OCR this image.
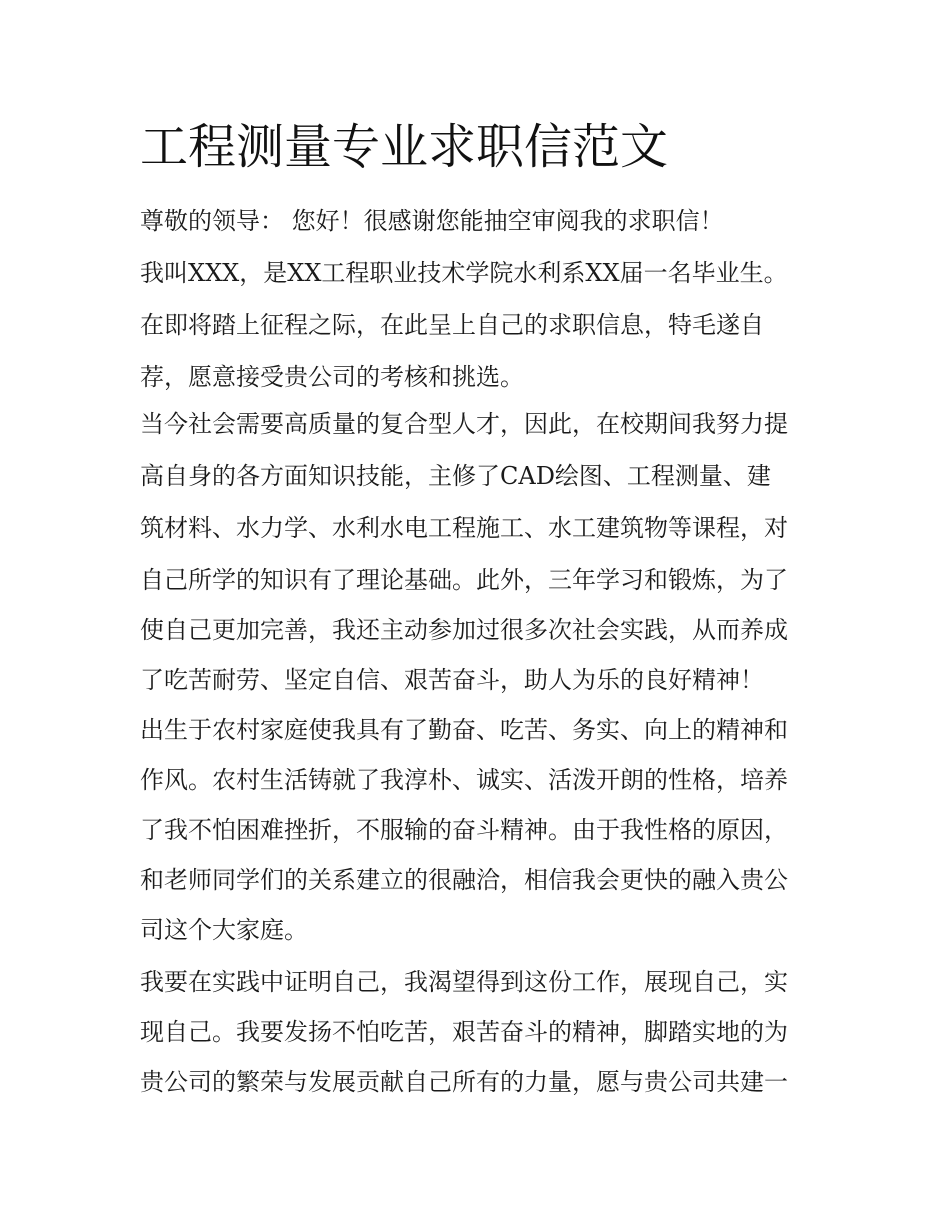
工程测量专业求职信范文
尊敬的领导： 您好！很感谢您能抽空审阅我的求职信！
我叫XXX，是XX工程职业技术学院水利系XX届一名毕业生。
在即将踏上征程之际，在此呈上自己的求职信息，特毛遂自
荐，愿意接受贵公司的考核和挑选。
当今社会需要高质量的复合型人才，因此，在校期间我努力提
高自身的各方面知识技能，主修了CAD绘图、工程测量、建
筑材料、水力学、水利水电工程施工、水工建筑物等课程，对
自己所学的知识有了理论基础。此外，三年学习和锻炼，为了
使自己更加完善，我还主动参加过很多次社会实践，从而养成
了吃苦耐劳、坚定自信、艰苦奋斗，助人为乐的良好精神！
出生于农村家庭使我具有了勤奋、吃苦、务实、向上的精神和
作风。农村生活铸就了我淳朴、诚实、活泼开朗的性格，培养
了我不怕困难挫折，不服输的奋斗精神。由于我性格的原因，
和老师同学们的关系建立的很融洽，相信我会更快的融入贵公
司这个大家庭。
我要在实践中证明自己，我渴望得到这份工作，展现自己，实
现自己。我要发扬不怕吃苦，艰苦奋斗的精神，脚踏实地的为
贵公司的繁荣与发展贡献自己所有的力量，愿与贵公司共建一
